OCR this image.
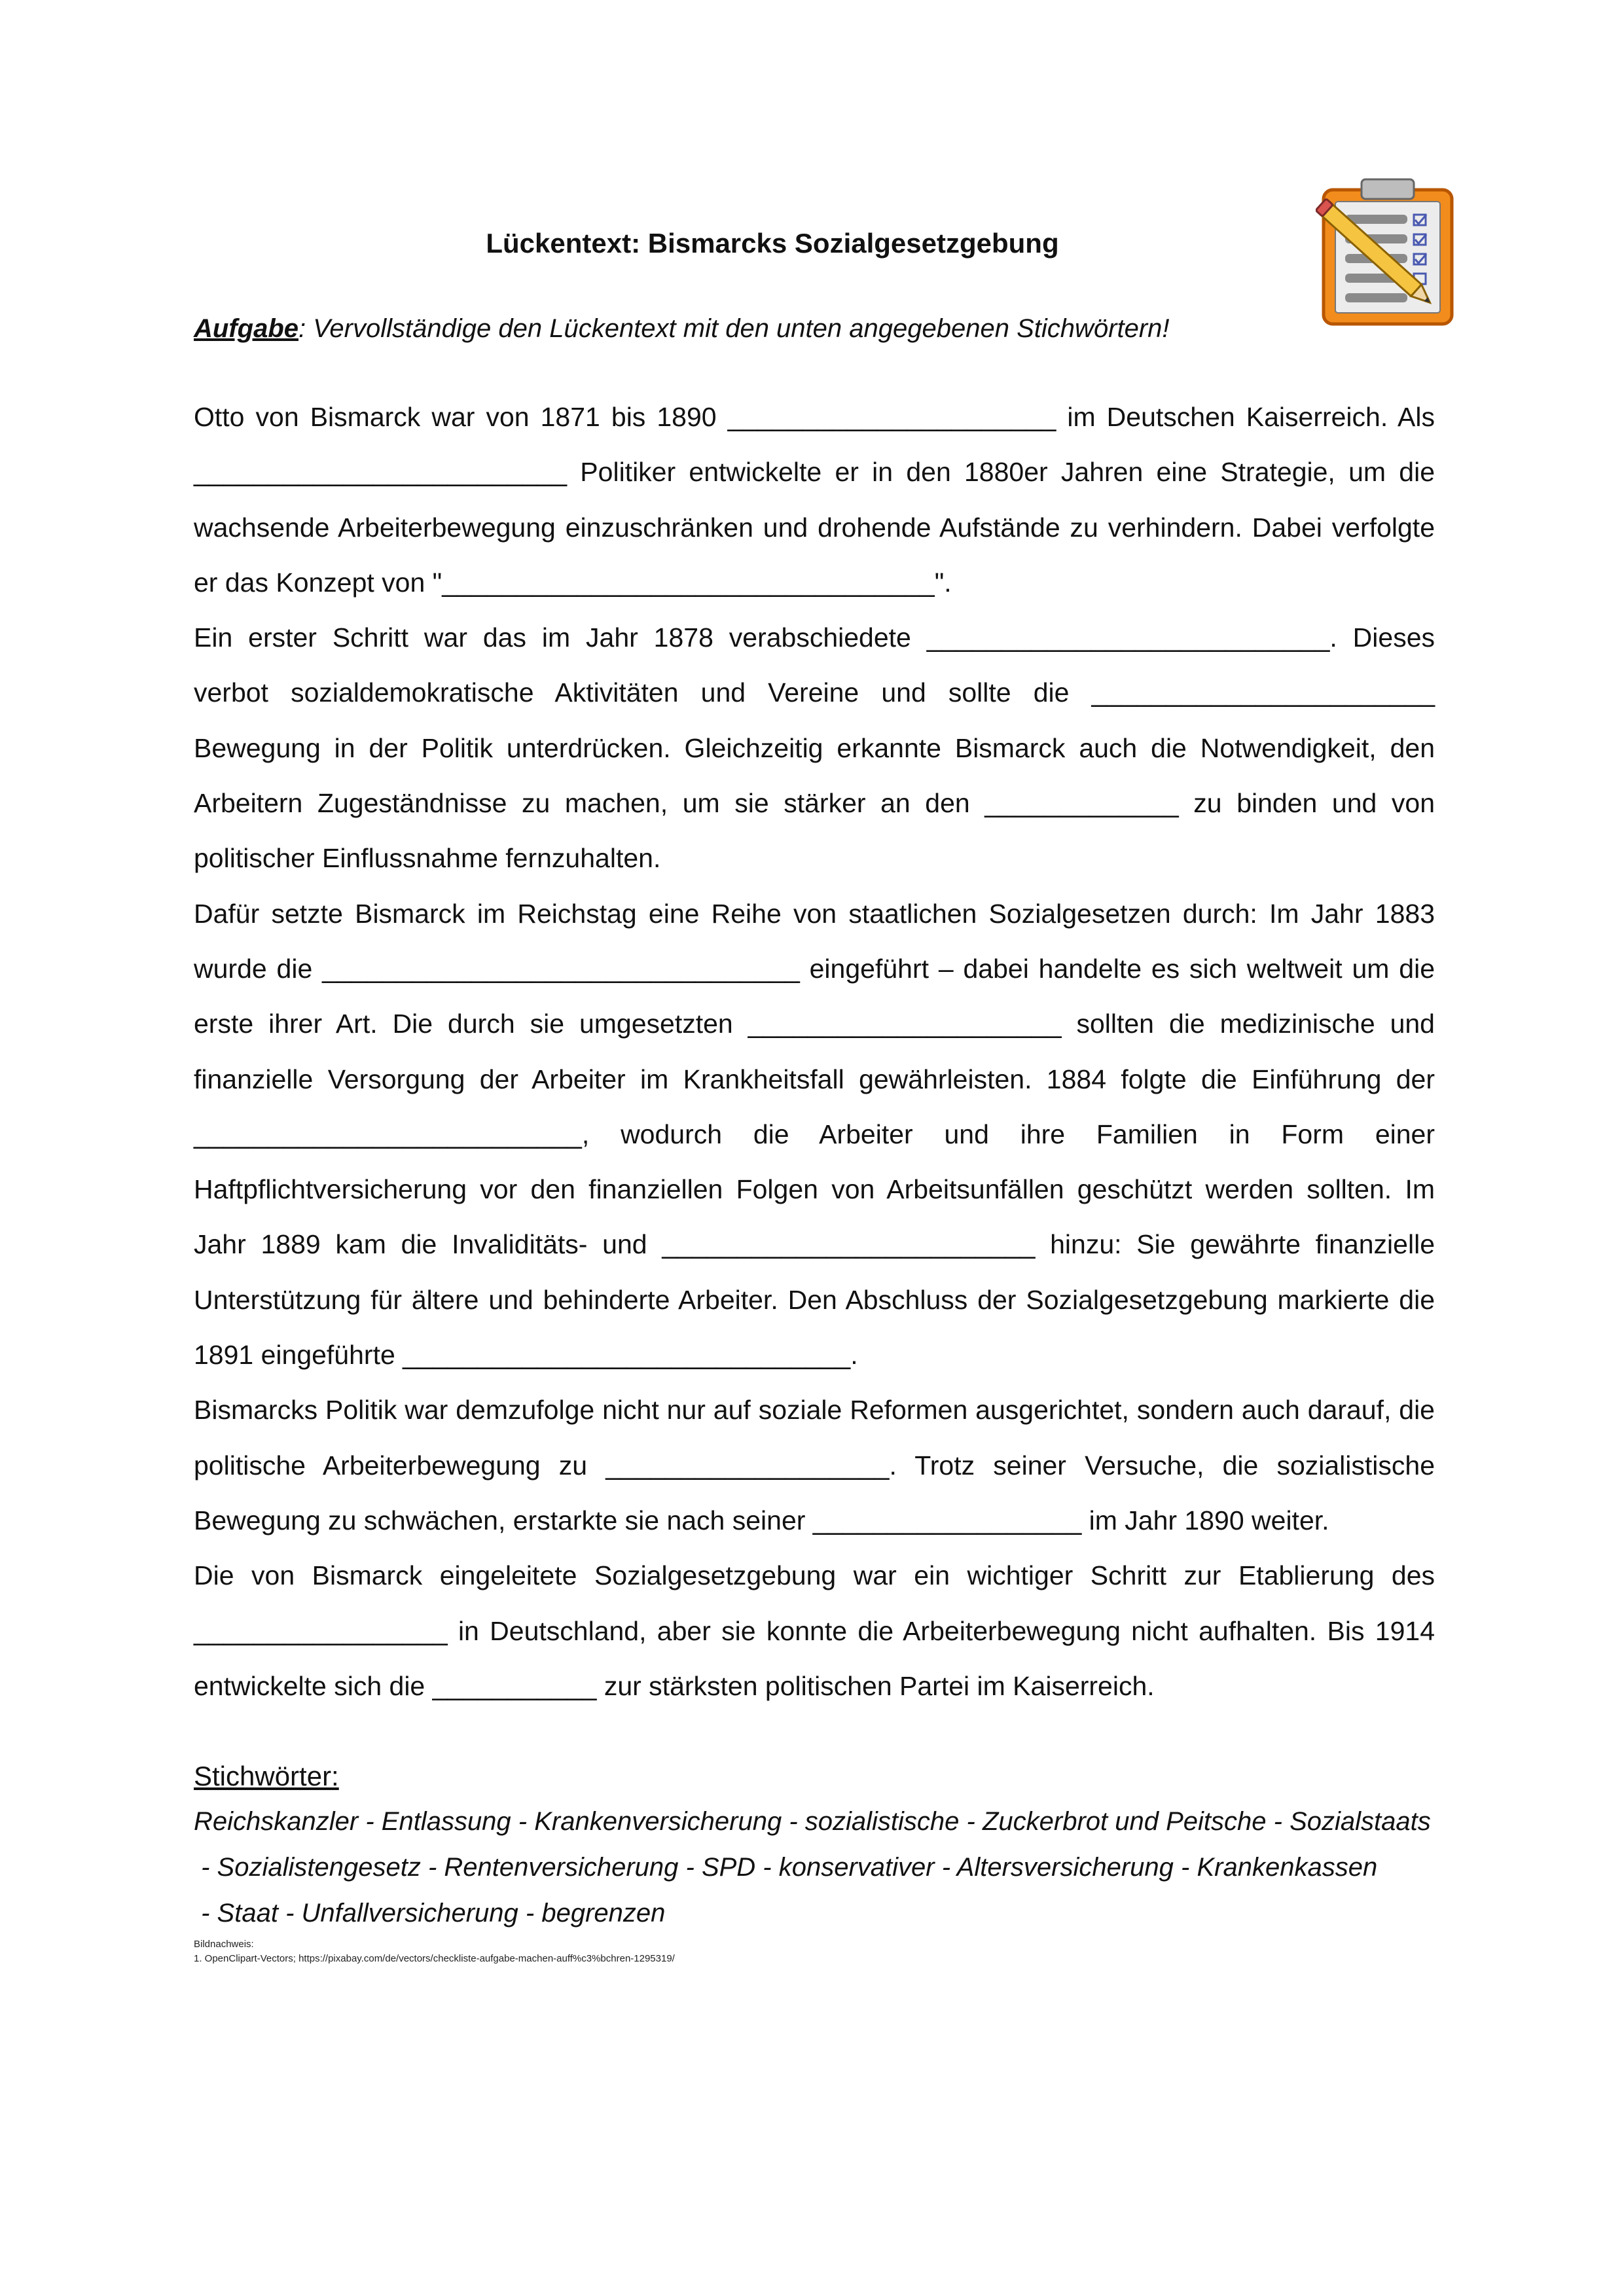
Lückentext: Bismarcks Sozialgesetzgebung
Aufgabe: Vervollständige den Lückentext mit den unten angegebenen Stichwörtern!

Otto von Bismarck war von 1871 bis 1890 ______________________ im Deutschen Kaiserreich. Als _________________________ Politiker entwickelte er in den 1880er Jahren eine Strategie, um die wachsende Arbeiterbewegung einzuschränken und drohende Aufstände zu verhindern. Dabei verfolgte er das Konzept von "_________________________________".

Ein erster Schritt war das im Jahr 1878 verabschiedete ___________________________. Dieses verbot sozialdemokratische Aktivitäten und Vereine und sollte die _______________________ Bewegung in der Politik unterdrücken. Gleichzeitig erkannte Bismarck auch die Notwendigkeit, den Arbeitern Zugeständnisse zu machen, um sie stärker an den _____________ zu binden und von politischer Einflussnahme fernzuhalten.

Dafür setzte Bismarck im Reichstag eine Reihe von staatlichen Sozialgesetzen durch: Im Jahr 1883 wurde die ________________________________ eingeführt – dabei handelte es sich weltweit um die erste ihrer Art. Die durch sie umgesetzten _____________________ sollten die medizinische und finanzielle Versorgung der Arbeiter im Krankheitsfall gewährleisten. 1884 folgte die Einführung der __________________________, wodurch die Arbeiter und ihre Familien in Form einer Haftpflichtversicherung vor den finanziellen Folgen von Arbeitsunfällen geschützt werden sollten. Im Jahr 1889 kam die Invaliditäts- und _________________________ hinzu: Sie gewährte finanzielle Unterstützung für ältere und behinderte Arbeiter. Den Abschluss der Sozialgesetzgebung markierte die 1891 eingeführte ______________________________.

Bismarcks Politik war demzufolge nicht nur auf soziale Reformen ausgerichtet, sondern auch darauf, die politische Arbeiterbewegung zu ___________________. Trotz seiner Versuche, die sozialistische Bewegung zu schwächen, erstarkte sie nach seiner __________________ im Jahr 1890 weiter.

Die von Bismarck eingeleitete Sozialgesetzgebung war ein wichtiger Schritt zur Etablierung des _________________ in Deutschland, aber sie konnte die Arbeiterbewegung nicht aufhalten. Bis 1914 entwickelte sich die ___________ zur stärksten politischen Partei im Kaiserreich.

Stichwörter:
Reichskanzler - Entlassung - Krankenversicherung - sozialistische - Zuckerbrot und Peitsche - Sozialstaats - Sozialistengesetz - Rentenversicherung - SPD - konservativer - Altersversicherung - Krankenkassen - Staat - Unfallversicherung - begrenzen
Bildnachweis:
1. OpenClipart-Vectors; https://pixabay.com/de/vectors/checkliste-aufgabe-machen-auff%c3%bchren-1295319/
